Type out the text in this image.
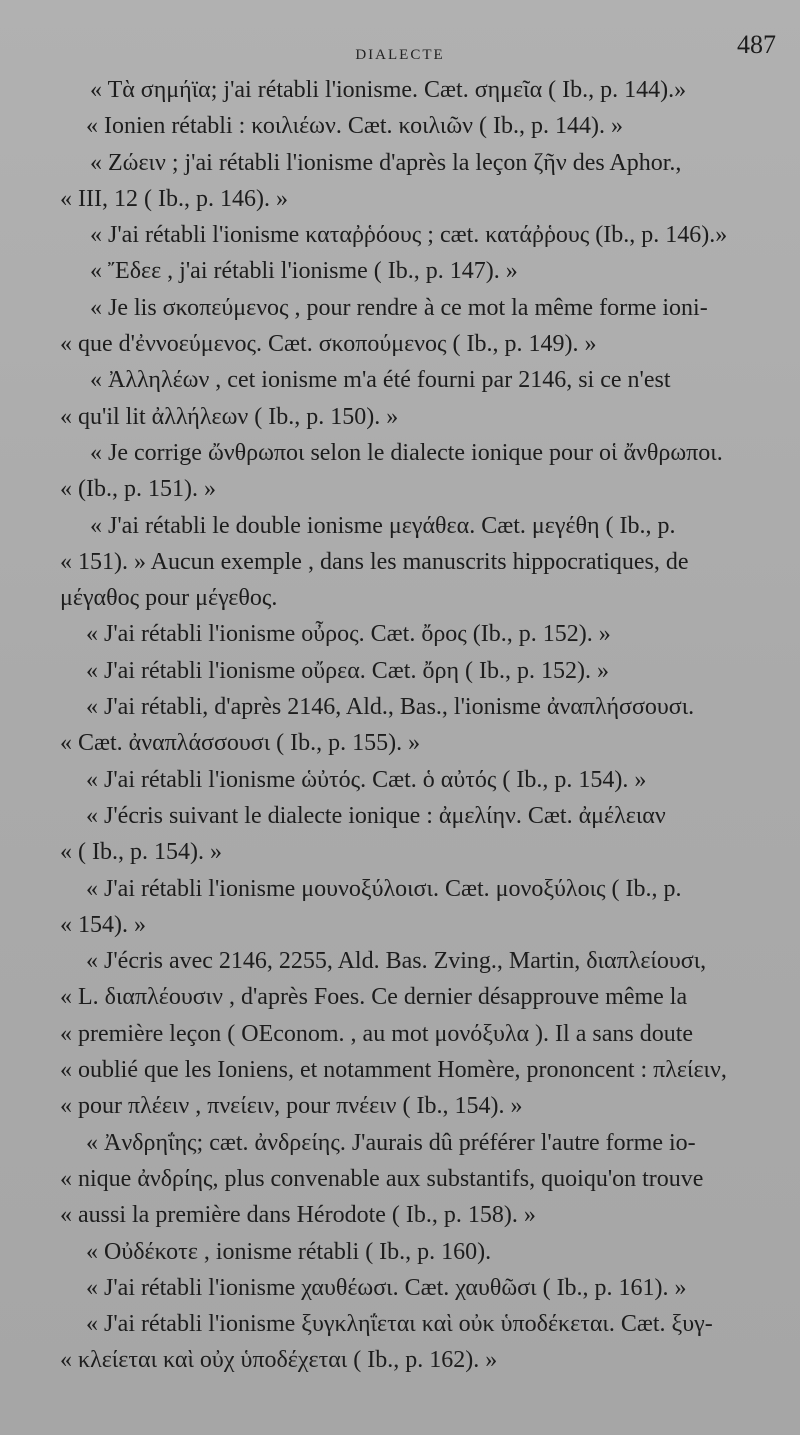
DIALECTE	487
« Τὰ σημήϊα; j'ai rétabli l'ionisme. Cæt. σημεῖα ( Ib., p. 144).»
« Ionien rétabli : κοιλιέων. Cæt. κοιλιῶν ( Ib., p. 144). »
« Ζώειν ; j'ai rétabli l'ionisme d'après la leçon ζῆν des Aphor.,
« III, 12 ( Ib., p. 146). »
« J'ai rétabli l'ionisme καταῤῥόους ; cæt. κατάῤῥους (Ib., p. 146).»
« Ἔδεε , j'ai rétabli l'ionisme ( Ib., p. 147). »
« Je lis σκοπεύμενος , pour rendre à ce mot la même forme ioni-
« que d'ἐννοεύμενος. Cæt. σκοπούμενος ( Ib., p. 149). »
« Ἀλληλέων , cet ionisme m'a été fourni par 2146, si ce n'est
« qu'il lit ἀλλήλεων ( Ib., p. 150). »
« Je corrige ὤνθρωποι selon le dialecte ionique pour οἱ ἄνθρωποι.
« (Ib., p. 151). »
« J'ai rétabli le double ionisme μεγάθεα. Cæt. μεγέθη ( Ib., p.
« 151). » Aucun exemple , dans les manuscrits hippocratiques, de
μέγαθος pour μέγεθος.
« J'ai rétabli l'ionisme οὖρος. Cæt. ὄρος (Ib., p. 152). »
« J'ai rétabli l'ionisme οὔρεα. Cæt. ὄρη ( Ib., p. 152). »
« J'ai rétabli, d'après 2146, Ald., Bas., l'ionisme ἀναπλήσσουσι.
« Cæt. ἀναπλάσσουσι ( Ib., p. 155). »
« J'ai rétabli l'ionisme ὡὐτός. Cæt. ὁ αὐτός ( Ib., p. 154). »
« J'écris suivant le dialecte ionique : ἀμελίην. Cæt. ἀμέλειαν
« ( Ib., p. 154). »
« J'ai rétabli l'ionisme μουνοξύλοισι. Cæt. μονοξύλοις ( Ib., p.
« 154). »
« J'écris avec 2146, 2255, Ald. Bas. Zving., Martin, διαπλείουσι,
« L. διαπλέουσιν , d'après Foes. Ce dernier désapprouve même la
« première leçon ( OEconom. , au mot μονόξυλα ). Il a sans doute
« oublié que les Ioniens, et notamment Homère, prononcent : πλείειν,
« pour πλέειν , πνείειν, pour πνέειν ( Ib., 154). »
« Ἀνδρηΐης; cæt. ἀνδρείης. J'aurais dû préférer l'autre forme io-
« nique ἀνδρίης, plus convenable aux substantifs, quoiqu'on trouve
« aussi la première dans Hérodote ( Ib., p. 158). »
« Οὐδέκοτε , ionisme rétabli ( Ib., p. 160).
« J'ai rétabli l'ionisme χαυθέωσι. Cæt. χαυθῶσι ( Ib., p. 161). »
« J'ai rétabli l'ionisme ξυγκληΐεται καὶ οὐκ ὑποδέκεται. Cæt. ξυγ-
« κλείεται καὶ οὐχ ὑποδέχεται ( Ib., p. 162). »
